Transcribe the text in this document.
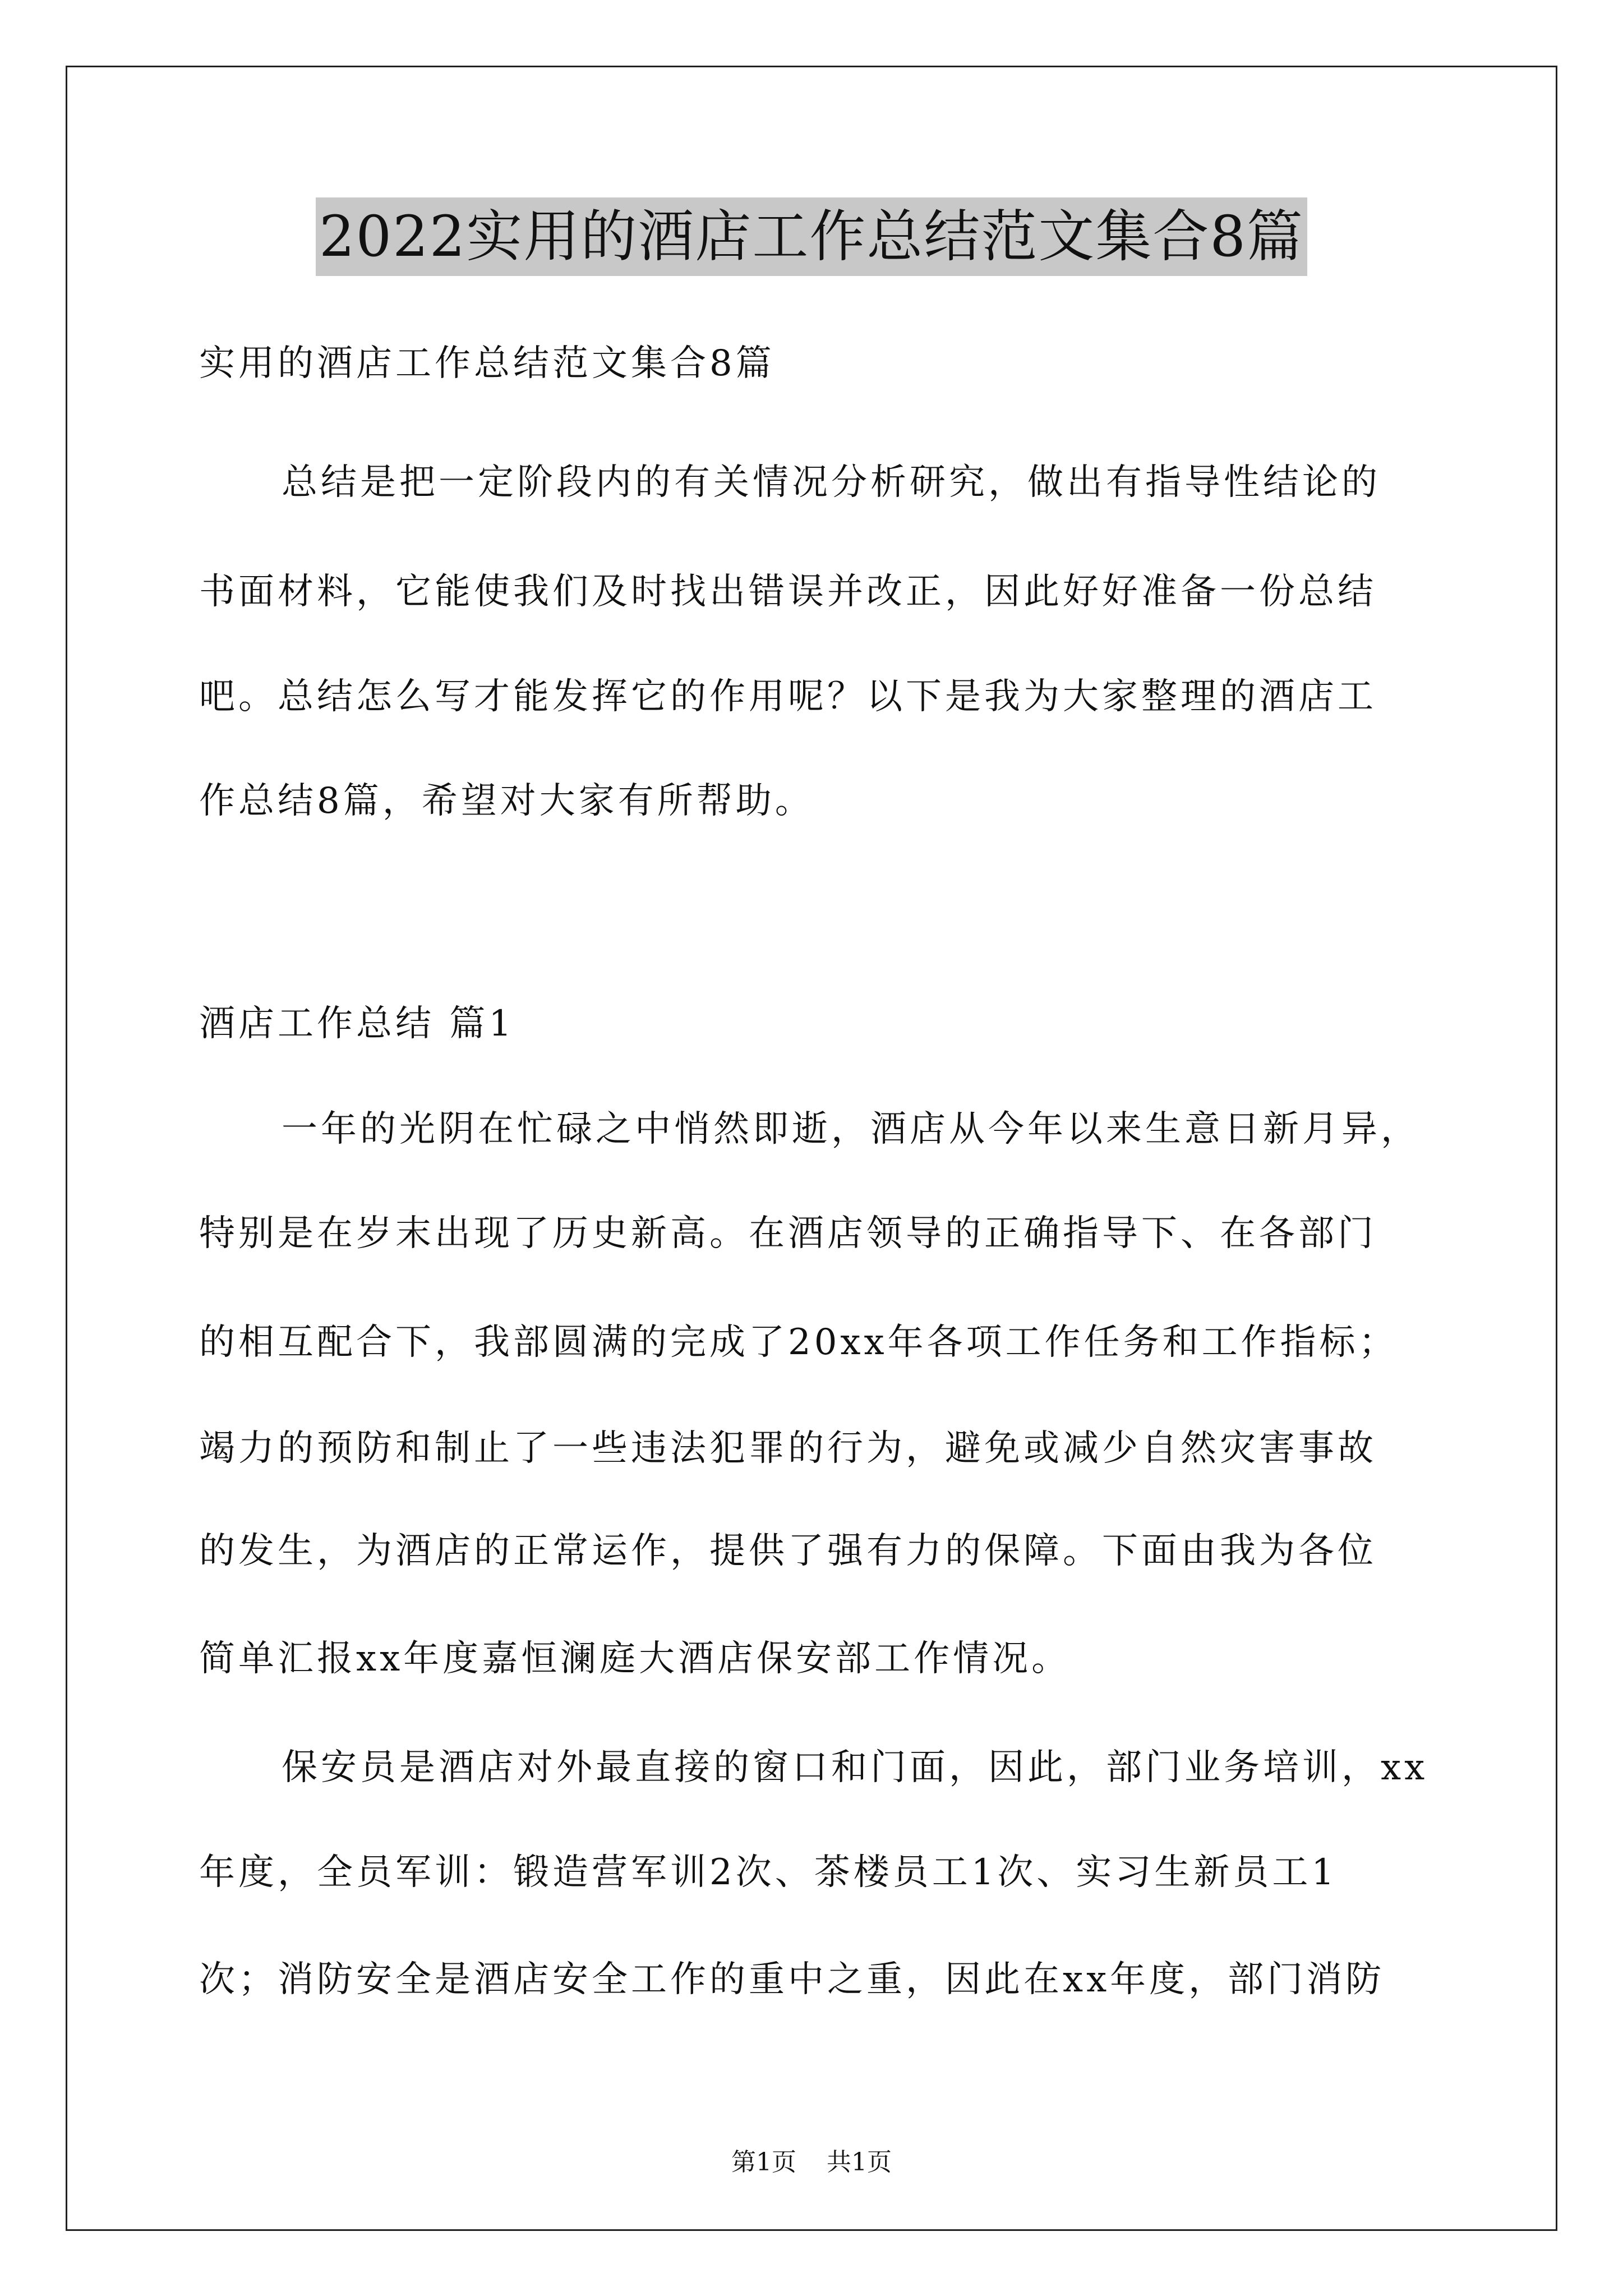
2022实用的酒店工作总结范文集合8篇
实用的酒店工作总结范文集合8篇
总结是把一定阶段内的有关情况分析研究，做出有指导性结论的
书面材料，它能使我们及时找出错误并改正，因此好好准备一份总结
吧。总结怎么写才能发挥它的作用呢？以下是我为大家整理的酒店工
作总结8篇，希望对大家有所帮助。
酒店工作总结 篇1
一年的光阴在忙碌之中悄然即逝，酒店从今年以来生意日新月异，
特别是在岁末出现了历史新高。在酒店领导的正确指导下、在各部门
的相互配合下，我部圆满的完成了20xx年各项工作任务和工作指标；
竭力的预防和制止了一些违法犯罪的行为，避免或减少自然灾害事故
的发生，为酒店的正常运作，提供了强有力的保障。下面由我为各位
简单汇报xx年度嘉恒澜庭大酒店保安部工作情况。
保安员是酒店对外最直接的窗口和门面，因此，部门业务培训，xx
年度，全员军训：锻造营军训2次、茶楼员工1次、实习生新员工1
次；消防安全是酒店安全工作的重中之重，因此在xx年度，部门消防
第1页 共1页
